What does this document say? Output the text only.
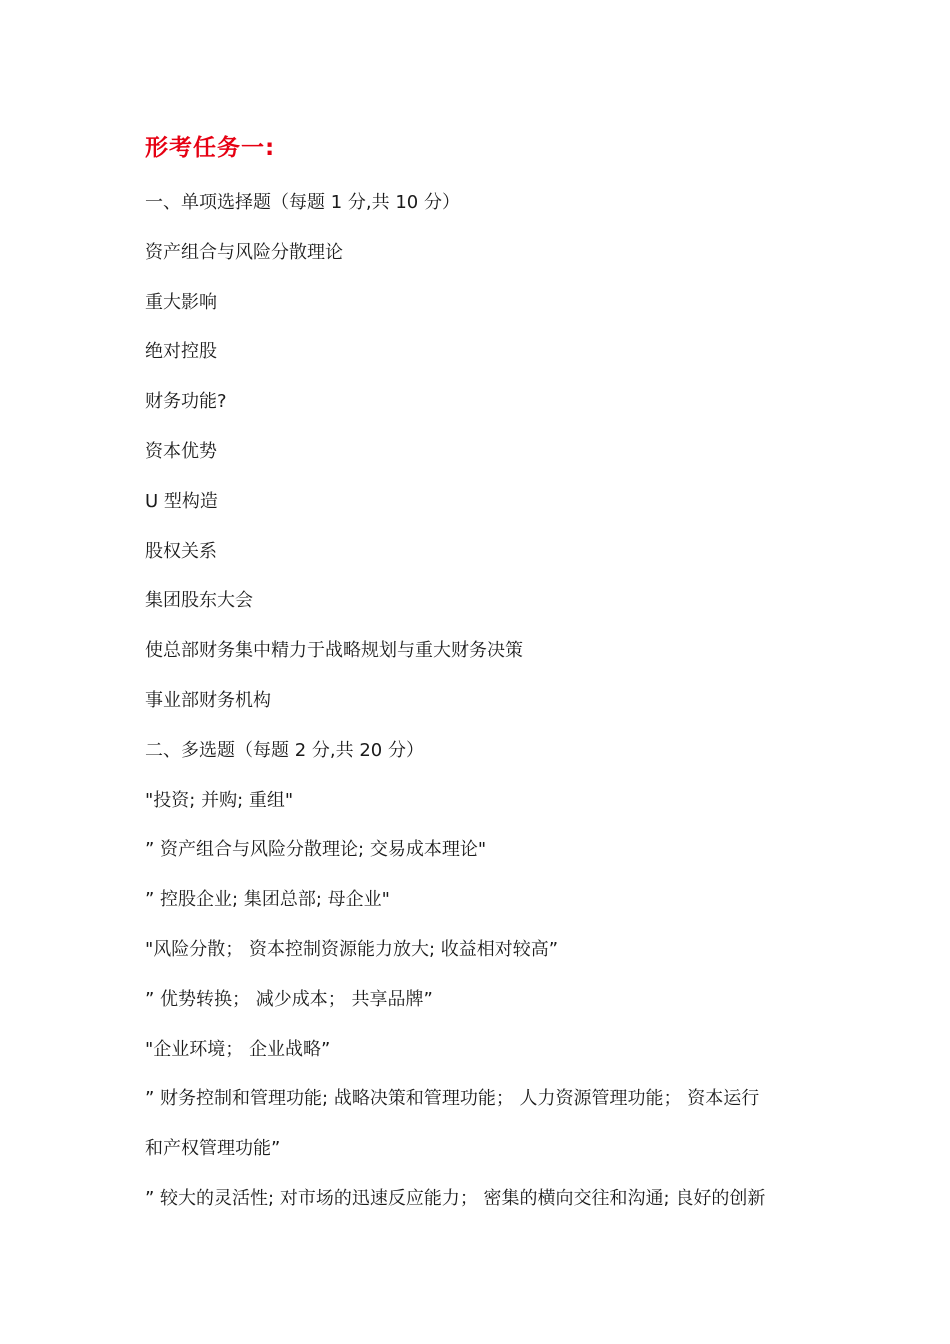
形考任务一:
一、单项选择题（每题 1 分,共 10 分）
资产组合与风险分散理论
重大影响
绝对控股
财务功能?
资本优势
U 型构造
股权关系
集团股东大会
使总部财务集中精力于战略规划与重大财务决策
事业部财务机构
二、多选题（每题 2 分,共 20 分）
"投资; 并购; 重组"
” 资产组合与风险分散理论; 交易成本理论"
” 控股企业; 集团总部; 母企业"
"风险分散； 资本控制资源能力放大; 收益相对较高”
” 优势转换； 减少成本； 共享品牌”
"企业环境； 企业战略”
” 财务控制和管理功能; 战略决策和管理功能； 人力资源管理功能； 资本运行
和产权管理功能”
” 较大的灵活性; 对市场的迅速反应能力； 密集的横向交往和沟通; 良好的创新
